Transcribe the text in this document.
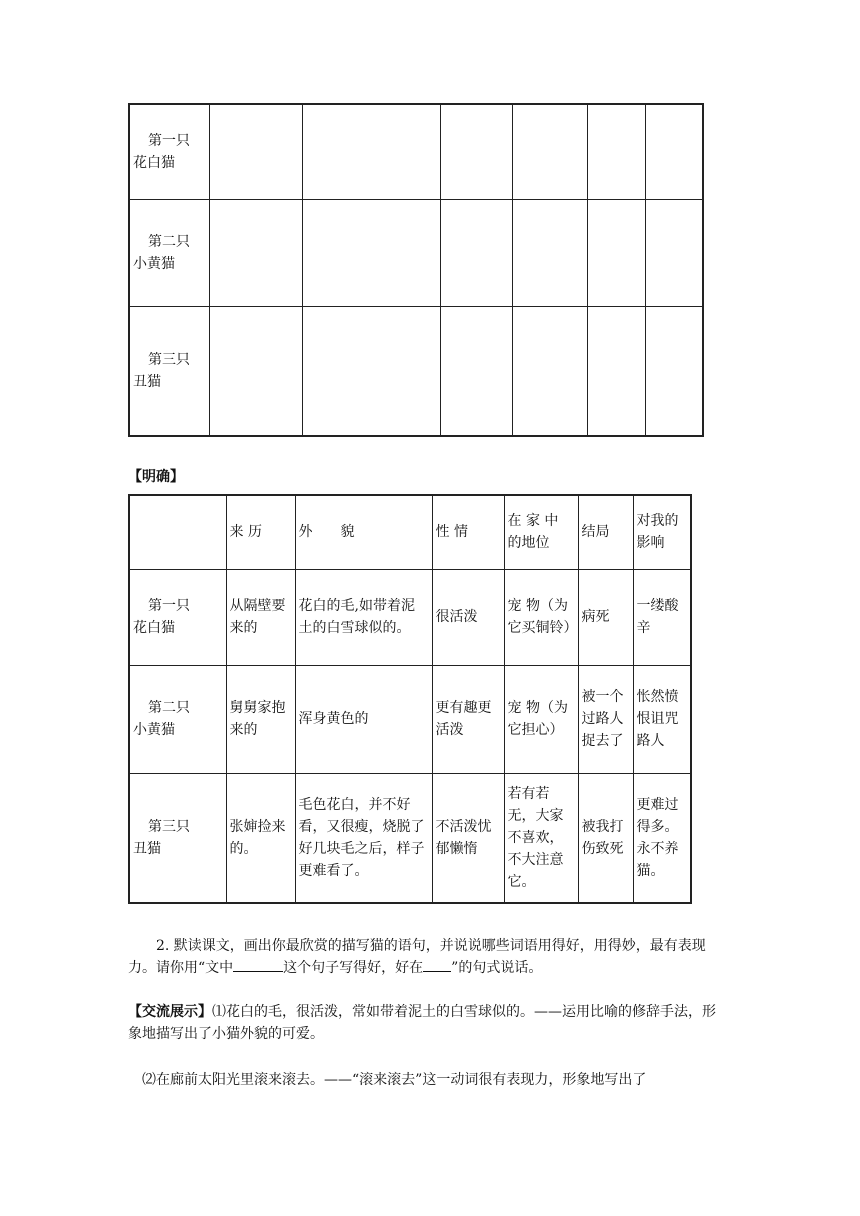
第一只
花白猫						

第二只
小黄猫						

第三只
丑猫						

【明确】
	来 历	外　　貌	性 情	在 家 中 的地位	结局	对我的影响

第一只
花白猫	从隔壁要来的	花白的毛,如带着泥土的白雪球似的。	很活泼	宠 物（为它买铜铃）	病死	一缕酸辛

第二只
小黄猫	舅舅家抱来的	浑身黄色的	更有趣更活泼	宠 物（为它担心）	被一个过路人捉去了	怅然愤恨诅咒路人

第三只
丑猫	张婶捡来的。	毛色花白，并不好看，又很瘦，烧脱了好几块毛之后，样子更难看了。	不活泼忧郁懒惰	若有若无，大家不喜欢，不大注意它。	被我打伤致死	更难过得多。永不养猫。
2. 默读课文，画出你最欣赏的描写猫的语句，并说说哪些词语用得好，用得妙，最有表现力。请你用“文中	这个句子写得好，好在 ”的句式说话。
【交流展示】⑴花白的毛，很活泼，常如带着泥土的白雪球似的。——运用比喻的修辞手法，形象地描写出了小猫外貌的可爱。
⑵在廊前太阳光里滚来滚去。——“滚来滚去”这一动词很有表现力，形象地写出了
